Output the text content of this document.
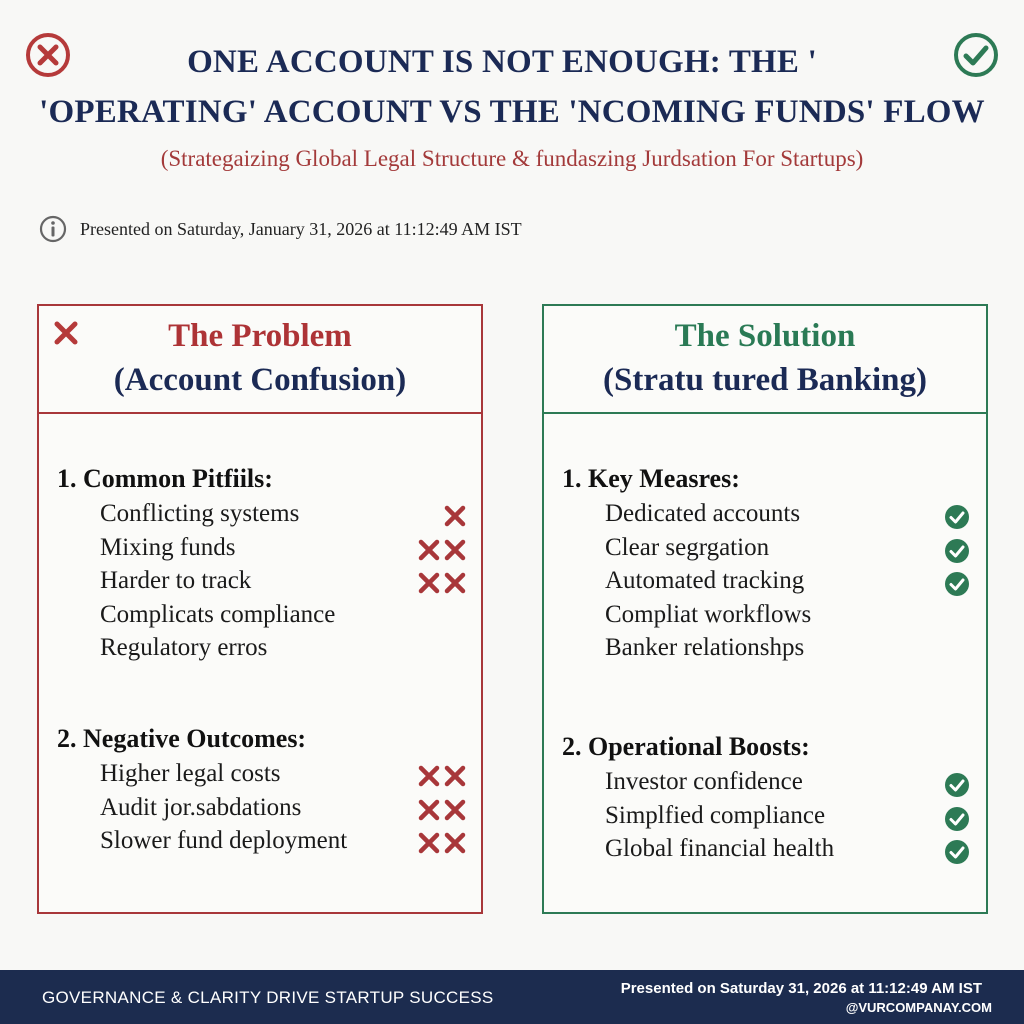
ONE ACCOUNT IS NOT ENOUGH: THE '
'OPERATING' ACCOUNT VS THE 'NCOMING FUNDS' FLOW
(Strategaizing Global Legal Structure & fundaszing Jurdsation For Startups)
Presented on Saturday, January 31, 2026 at 11:12:49 AM IST
The Problem
(Account Confusion)
1. Common Pitfiils:
Conflicting systems
Mixing funds
Harder to track
Complicats compliance
Regulatory erros
2. Negative Outcomes:
Higher legal costs
Audit jor.sabdations
Slower fund deployment
The Solution
(Stratu tured Banking)
1. Key Measres:
Dedicated accounts
Clear segrgation
Automated tracking
Compliat workflows
Banker relationshps
2. Operational Boosts:
Investor confidence
Simplfied compliance
Global financial health
GOVERNANCE & CLARITY DRIVE STARTUP SUCCESS	Presented on Saturday 31, 2026 at 11:12:49 AM IST
@VURCOMPANAY.COM
